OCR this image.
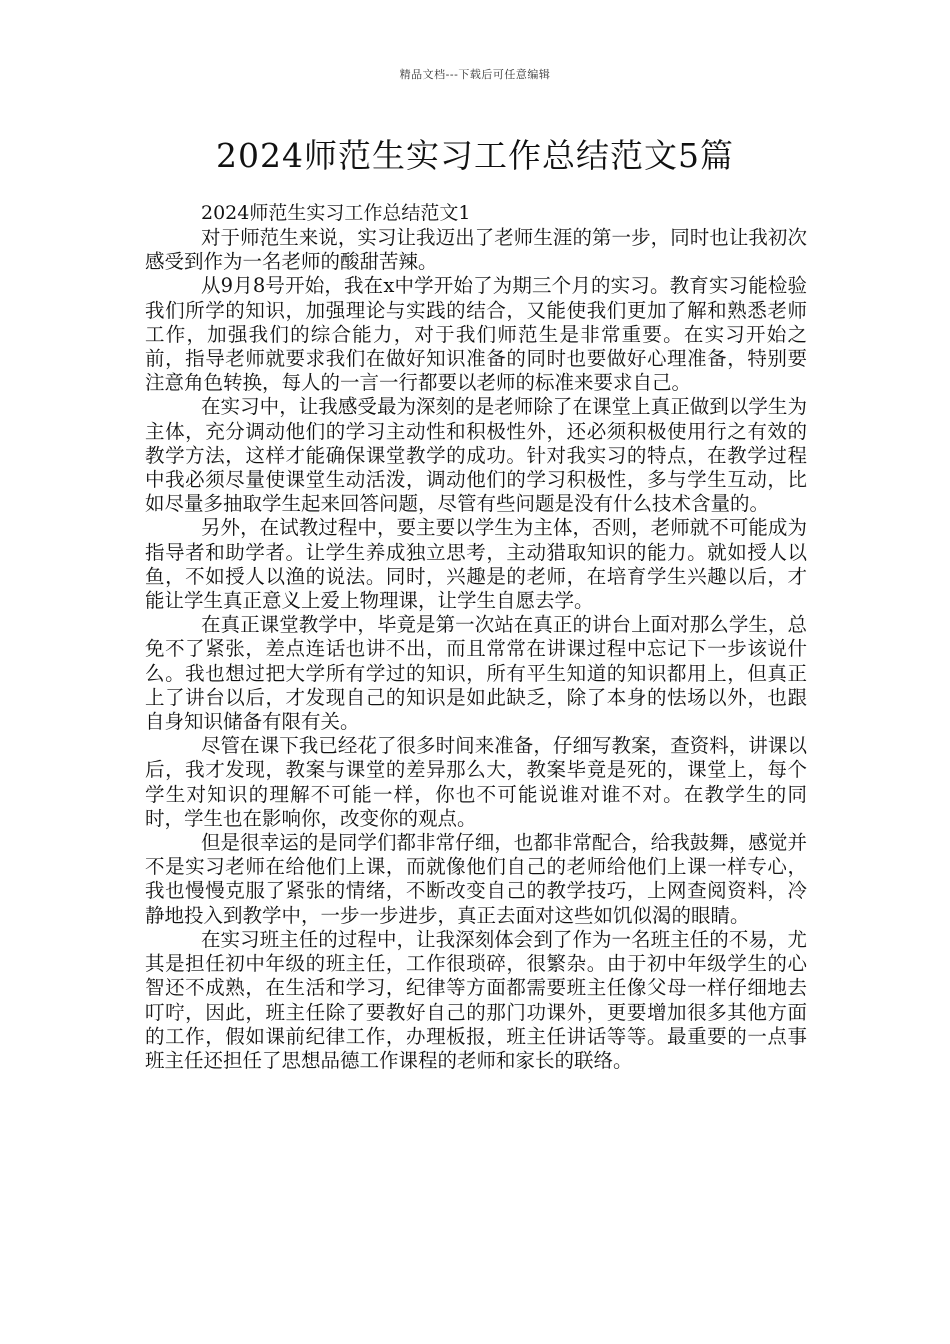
精品文档---下载后可任意编辑
2024师范生实习工作总结范文5篇

2024师范生实习工作总结范文1

对于师范生来说，实习让我迈出了老师生涯的第一步，同时也让我初次感受到作为一名老师的酸甜苦辣。

从9月8号开始，我在x中学开始了为期三个月的实习。教育实习能检验我们所学的知识，加强理论与实践的结合，又能使我们更加了解和熟悉老师工作，加强我们的综合能力，对于我们师范生是非常重要。在实习开始之前，指导老师就要求我们在做好知识准备的同时也要做好心理准备，特别要注意角色转换，每人的一言一行都要以老师的标准来要求自己。

在实习中，让我感受最为深刻的是老师除了在课堂上真正做到以学生为主体，充分调动他们的学习主动性和积极性外，还必须积极使用行之有效的教学方法，这样才能确保课堂教学的成功。针对我实习的特点，在教学过程中我必须尽量使课堂生动活泼，调动他们的学习积极性，多与学生互动，比如尽量多抽取学生起来回答问题，尽管有些问题是没有什么技术含量的。

另外，在试教过程中，要主要以学生为主体，否则，老师就不可能成为指导者和助学者。让学生养成独立思考，主动猎取知识的能力。就如授人以鱼，不如授人以渔的说法。同时，兴趣是的老师，在培育学生兴趣以后，才能让学生真正意义上爱上物理课，让学生自愿去学。

在真正课堂教学中，毕竟是第一次站在真正的讲台上面对那么学生，总免不了紧张，差点连话也讲不出，而且常常在讲课过程中忘记下一步该说什么。我也想过把大学所有学过的知识，所有平生知道的知识都用上，但真正上了讲台以后，才发现自己的知识是如此缺乏，除了本身的怯场以外，也跟自身知识储备有限有关。

尽管在课下我已经花了很多时间来准备，仔细写教案，查资料，讲课以后，我才发现，教案与课堂的差异那么大，教案毕竟是死的，课堂上，每个学生对知识的理解不可能一样，你也不可能说谁对谁不对。在教学生的同时，学生也在影响你，改变你的观点。

但是很幸运的是同学们都非常仔细，也都非常配合，给我鼓舞，感觉并不是实习老师在给他们上课，而就像他们自己的老师给他们上课一样专心，我也慢慢克服了紧张的情绪，不断改变自己的教学技巧，上网查阅资料，冷静地投入到教学中，一步一步进步，真正去面对这些如饥似渴的眼睛。

在实习班主任的过程中，让我深刻体会到了作为一名班主任的不易，尤其是担任初中年级的班主任，工作很琐碎，很繁杂。由于初中年级学生的心智还不成熟，在生活和学习，纪律等方面都需要班主任像父母一样仔细地去叮咛，因此，班主任除了要教好自己的那门功课外，更要增加很多其他方面的工作，假如课前纪律工作，办理板报，班主任讲话等等。最重要的一点事班主任还担任了思想品德工作课程的老师和家长的联络。
